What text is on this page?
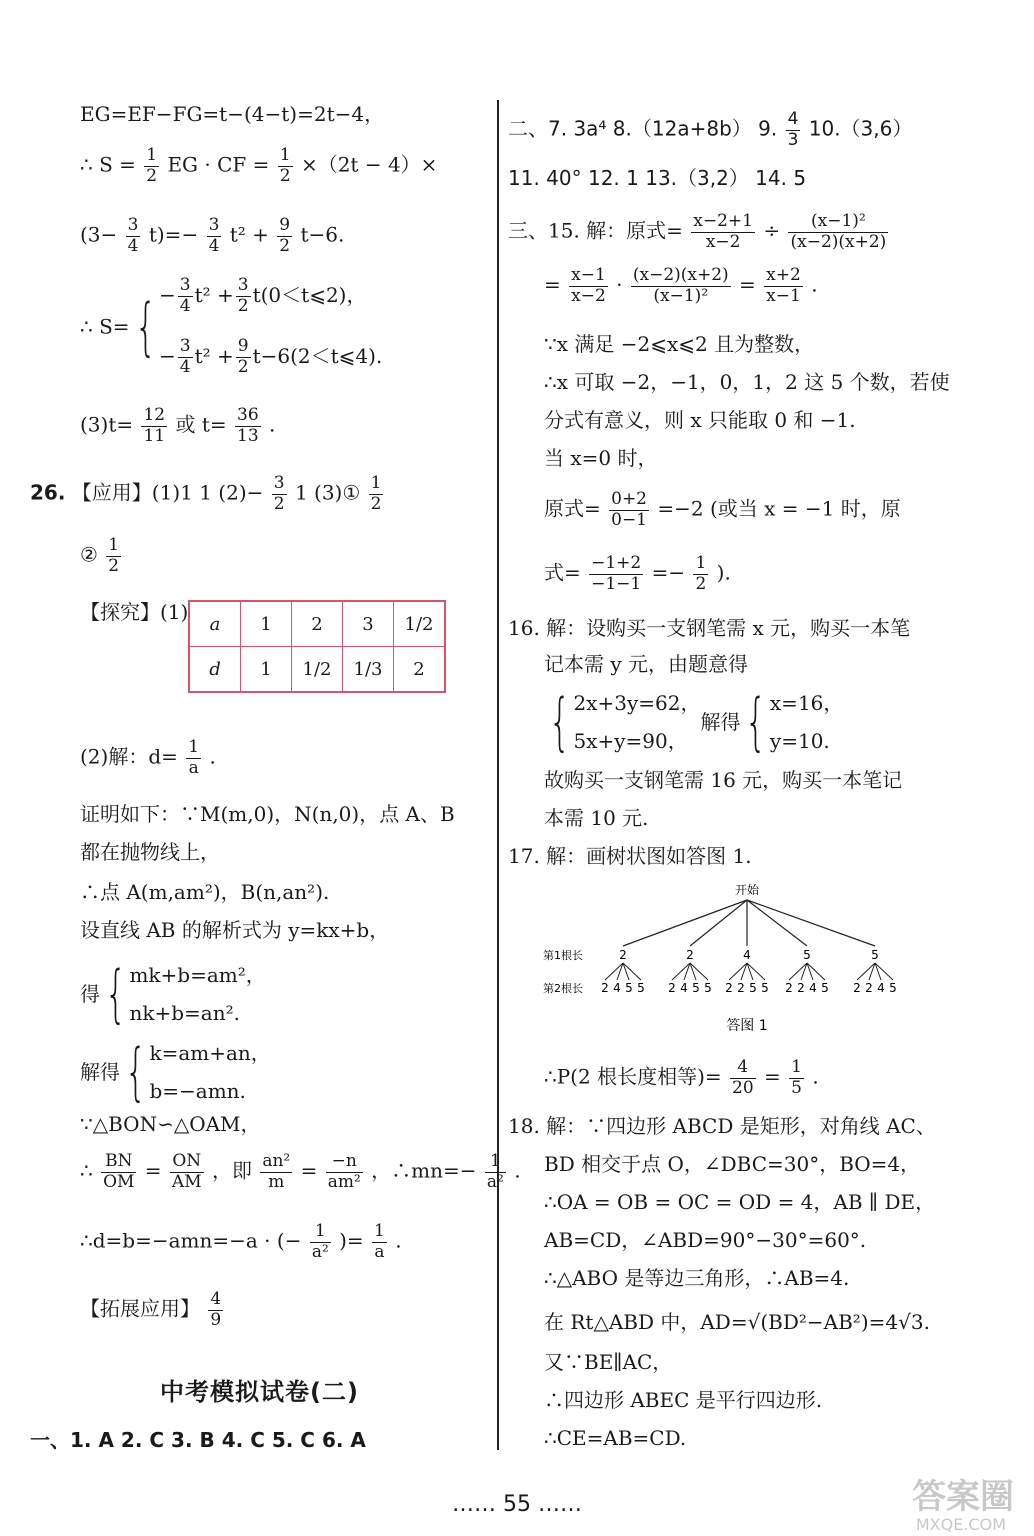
EG=EF−FG=t−(4−t)=2t−4，
∴ $S = \frac{1}{2}$ EG · CF = $\frac{1}{2} \times(2t - 4)\times$
$(3- \frac{3}{4} t)=- \frac{3}{4} t^2 + \frac{9}{2} t-6$.
∴ $S=\{ - \frac{3}{4} t^2 + \frac{3}{2}$ t(0＜t⩽2)，
− $\frac{3}{4} t^2 + \frac{9}{2}$ t−6(2＜t⩽4).
$(3)t= \frac{12}{11}$ 或 $t= \frac{36}{13}$ .
26. 【应用】(1)1 1 $(2)- \frac{3}{2} 1$ (3)① $\frac{1}{2}$
② $\frac{1}{2}$
【探究】(1) a	1	2	3	1/2
d	1	1/2	1/3	2
(2)解：$d= \frac{1}{a}$ .
证明如下：∵M(m,0)，N(n,0)，点 A、B
都在抛物线上，
∴点 A(m,am²)，B(n,an²).
设直线 AB 的解析式为 y=kx+b，
得{ mk+b=am²，
nk+b=an².
解得{ k=am+an，
b=−amn.
∵△BON∽△OAM，
∴ $\frac{BN}{OM} = \frac{ON}{AM}$ ，即 $\frac{\text{an²}}{m} = \frac{-n}{\text{am²}}$ ，∴mn=− $\frac{1}{\text{a²}}$ .
∴d=b=−amn=−a · (− $\frac{1}{\text{a²}}$ )= $\frac{1}{a}$ .
【拓展应用】 $\frac{4}{9}$
一、1. A 2. C 3. B 4. C 5. C 6. A
中考模拟试卷(二)
二、7. 3a⁴ 8.（12a+8b） 9. $\frac{4}{3} 10.(3,6)$
11. 40° 12. 1 13.（3,2） 14. 5
三、15. 解：原式= $\frac{x-2+1}{x-2} \div \frac{\text{(x−1)²}}{(x-2)(x+2)}$
= $\frac{x-1}{x-2} \cdot \frac{(x-2)(x+2)}{\text{(x−1)²}} = \frac{x+2}{x-1}$ .
∵x 满足 −2⩽x⩽2 且为整数，
∴x 可取 −2，−1，0，1，2 这 5 个数，若使
分式有意义，则 x 只能取 0 和 −1.
当 x=0 时，
原式= $\frac{0+2}{0-1} =-2$ (或当 x = −1 时，原
式= $\frac{-1+2}{-1-1} =- \frac{1}{2}$ ).
16. 解：设购买一支钢笔需 x 元，购买一本笔
记本需 y 元，由题意得
{ 2x+3y=62，
5x+y=90，
解得{ x=16，
y=10.
故购买一支钢笔需 16 元，购买一本笔记
本需 10 元.
17. 解：画树状图如答图 1.
∴P(2 根长度相等)= $\frac{4}{20} = \frac{1}{5}$ .
18. 解：∵四边形 ABCD 是矩形，对角线 AC、
BD 相交于点 O，∠DBC=30°，BO=4，
∴OA = OB = OC = OD = 4，AB ∥ DE，
AB=CD，∠ABD=90°−30°=60°.
∴△ABO 是等边三角形，∴AB=4.
在 Rt△ABD 中，AD=√(BD²−AB²)=4√3.
又∵BE∥AC，
∴四边形 ABEC 是平行四边形.
∴CE=AB=CD.
开始
第1根长
第2根长
2	2	4	5	5
2 4 5 5 2 4 5 5 2 2 5 5 2 2 4 5 2 2 4 5
答图 1
…… 55 ……	答案圈
MXQE.COM
